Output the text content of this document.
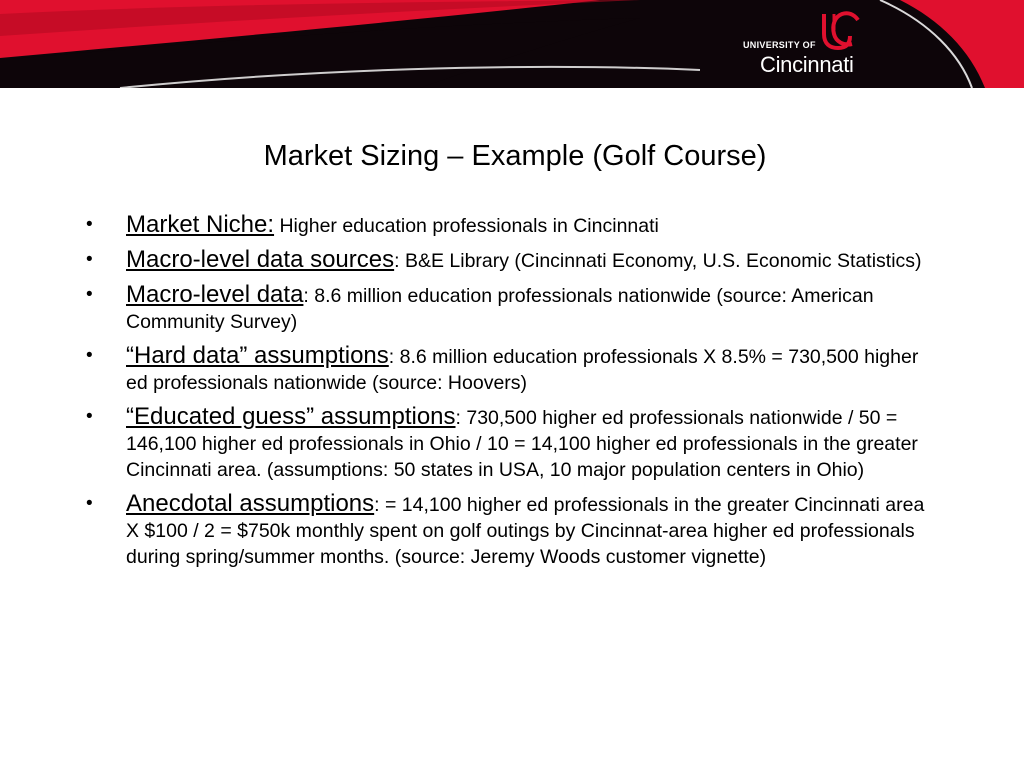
UNIVERSITY OF
Cincinnati
Market Sizing – Example (Golf Course)
• Market Niche: Higher education professionals in Cincinnati
• Macro-level data sources: B&E Library (Cincinnati Economy, U.S. Economic Statistics)
• Macro-level data: 8.6 million education professionals nationwide (source: American Community Survey)
• “Hard data” assumptions: 8.6 million education professionals X 8.5% = 730,500 higher ed professionals nationwide (source: Hoovers)
• “Educated guess” assumptions: 730,500 higher ed professionals nationwide / 50 = 146,100 higher ed professionals in Ohio / 10 = 14,100 higher ed professionals in the greater Cincinnati area. (assumptions: 50 states in USA, 10 major population centers in Ohio)
• Anecdotal assumptions: = 14,100 higher ed professionals in the greater Cincinnati area X $100 / 2 = $750k monthly spent on golf outings by Cincinnat-area higher ed professionals during spring/summer months. (source: Jeremy Woods customer vignette)
